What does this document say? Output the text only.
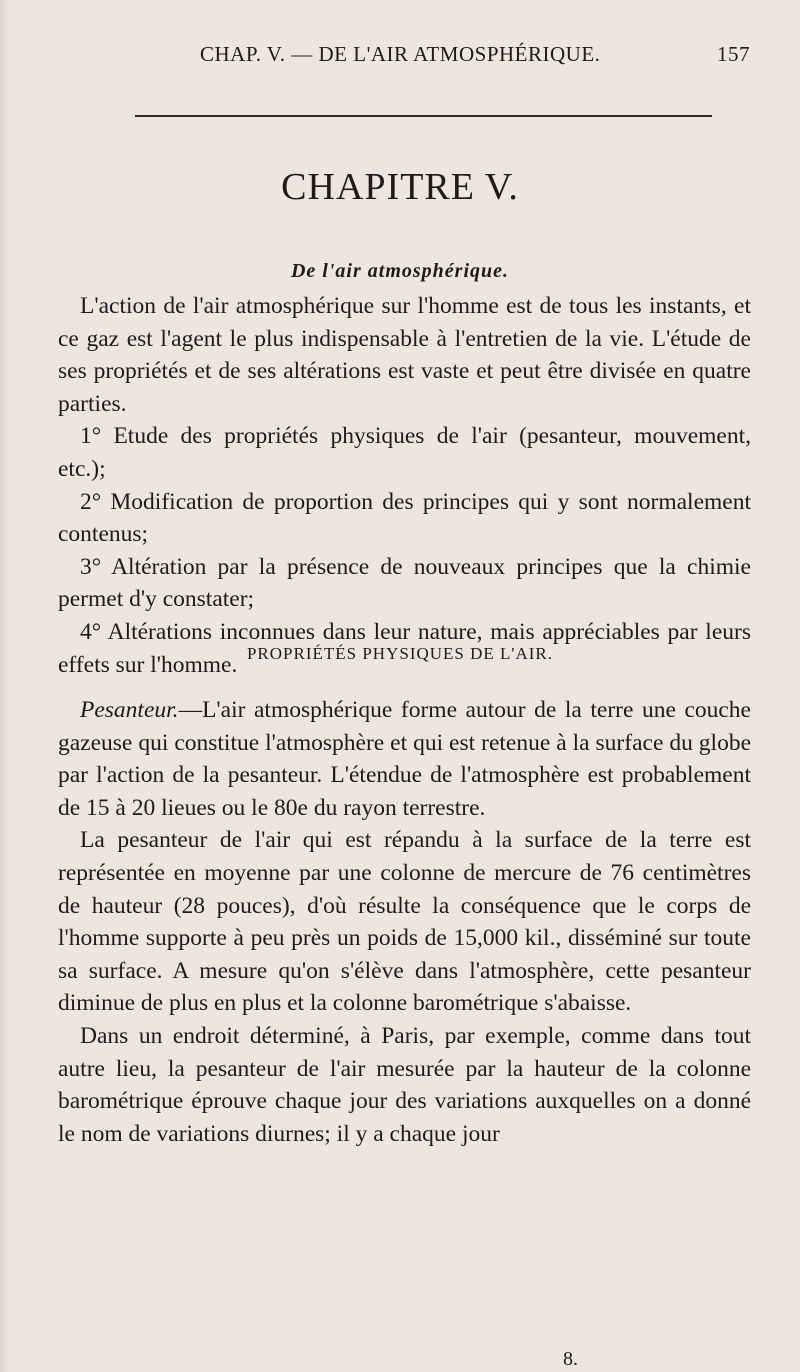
CHAP. V. — DE L'AIR ATMOSPHÉRIQUE.	157
CHAPITRE V.
De l'air atmosphérique.

L'action de l'air atmosphérique sur l'homme est de tous les instants, et ce gaz est l'agent le plus indispensable à l'entretien de la vie. L'étude de ses propriétés et de ses altérations est vaste et peut être divisée en quatre parties.

1° Etude des propriétés physiques de l'air (pesanteur, mouvement, etc.);

2° Modification de proportion des principes qui y sont normalement contenus;

3° Altération par la présence de nouveaux principes que la chimie permet d'y constater;

4° Altérations inconnues dans leur nature, mais appréciables par leurs effets sur l'homme. PROPRIÉTÉS PHYSIQUES DE L'AIR.

Pesanteur.—L'air atmosphérique forme autour de la terre une couche gazeuse qui constitue l'atmosphère et qui est retenue à la surface du globe par l'action de la pesanteur. L'étendue de l'atmosphère est probablement de 15 à 20 lieues ou le 80e du rayon terrestre.

La pesanteur de l'air qui est répandu à la surface de la terre est représentée en moyenne par une colonne de mercure de 76 centimètres de hauteur (28 pouces), d'où résulte la conséquence que le corps de l'homme supporte à peu près un poids de 15,000 kil., disséminé sur toute sa surface. A mesure qu'on s'élève dans l'atmosphère, cette pesanteur diminue de plus en plus et la colonne barométrique s'abaisse.

Dans un endroit déterminé, à Paris, par exemple, comme dans tout autre lieu, la pesanteur de l'air mesurée par la hauteur de la colonne barométrique éprouve chaque jour des variations auxquelles on a donné le nom de variations diurnes; il y a chaque jour

8.
